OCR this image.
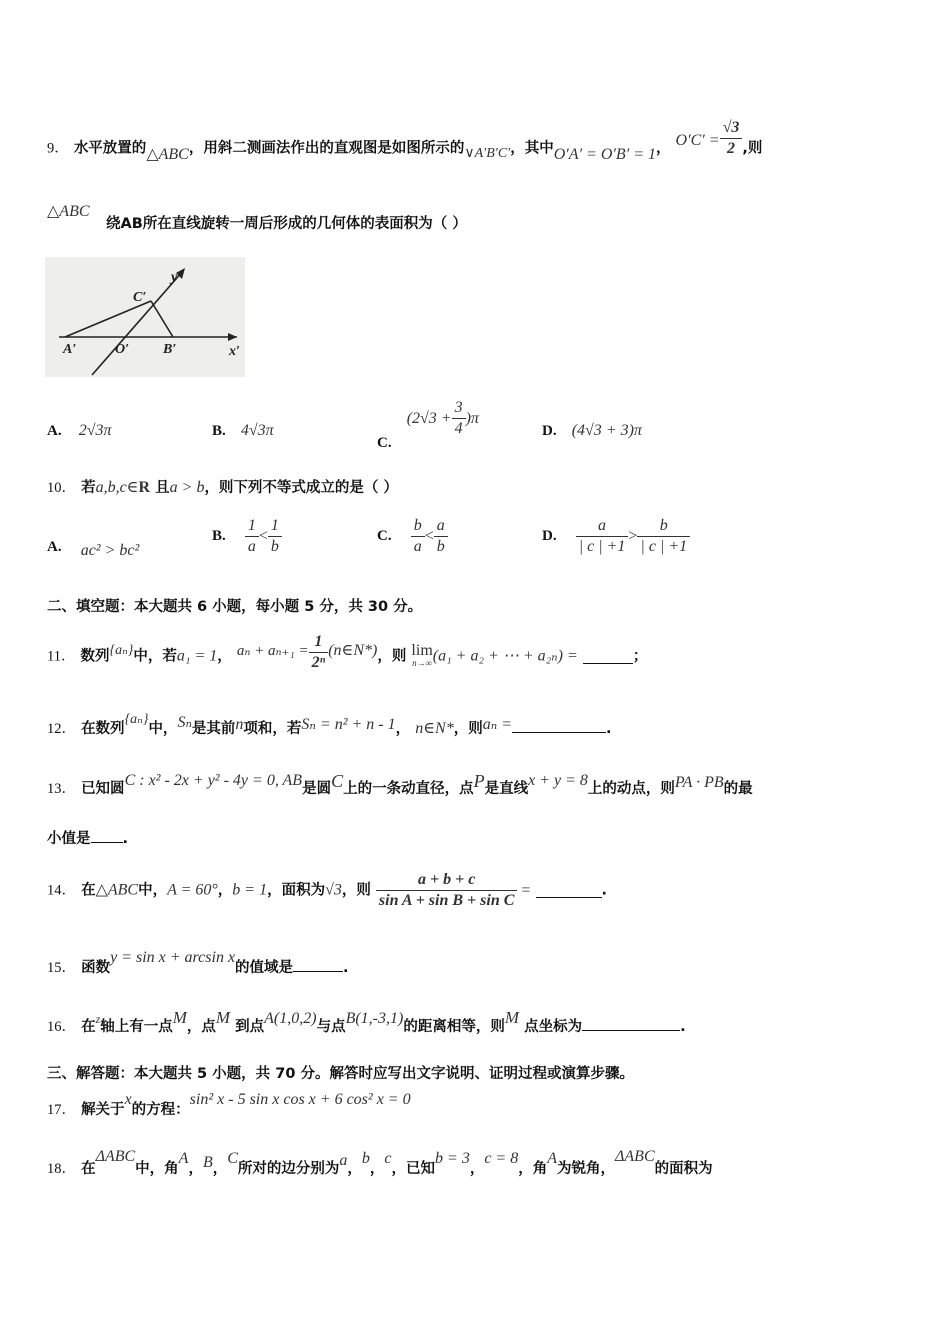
9． 水平放置的△ABC，用斜二测画法作出的直观图是如图所示的∨A′B′C′，其中O′A′ = O′B′ = 1， $O'C' = \frac{√3}{2}$ ,则
△ABC
绕AB所在直线旋转一周后形成的几何体的表面积为（ ）
y′
x′
C′
A′	O′ B′
A. 2√3π	B. 4√3π
C. $(2√3 + \frac{3}{4} )\pi$
D. (4√3 + 3)π
10． 若a,b,c∈R 且a > b，则下列不等式成立的是（ ）
A. ac² > bc²
B. $\frac{1}{a} < \frac{1}{b}$	C. $\frac{b}{a} < \frac{a}{b}$	D. $\frac{a}{| c | +1} > \frac{b}{| c | +1}$
二、填空题：本大题共 6 小题，每小题 5 分，共 30 分。
11． 数列{aₙ}中，若a₁ = 1， $a_n + a_{n+1} = \frac{1}{\text{2ⁿ}}$ (n∈N*)，则 lim
n→∞ (a₁ + a₂ + ⋯ + a₂ₙ) =	；
12． 在数列{aₙ}中，Sₙ是其前n项和，若Sₙ = n² + n - 1， n∈N*，则aₙ =	.
13． 已知圆C : x² - 2x + y² - 4y = 0, AB是圆C上的一条动直径，点P是直线x + y = 8上的动点，则PA · PB的最
小值是 .
14． 在△ABC中，A = 60°，b = 1，面积为√3，则 $\frac{a + b + c}{\text{sin A + sin B + sin C}}$ =	.
15． 函数y = sin x + arcsin x的值域是	.
16． 在$^z$轴上有一点M，点M 到点A(1,0,2)与点B(1,-3,1)的距离相等，则M 点坐标为	.
三、解答题：本大题共 5 小题，共 70 分。解答时应写出文字说明、证明过程或演算步骤。
17． 解关于x的方程：sin² x - 5 sin x cos x + 6 cos² x = 0
18． 在ΔABC中，角A，B，C所对的边分别为a，b，c，已知b = 3，c = 8，角A为锐角，ΔABC的面积为
